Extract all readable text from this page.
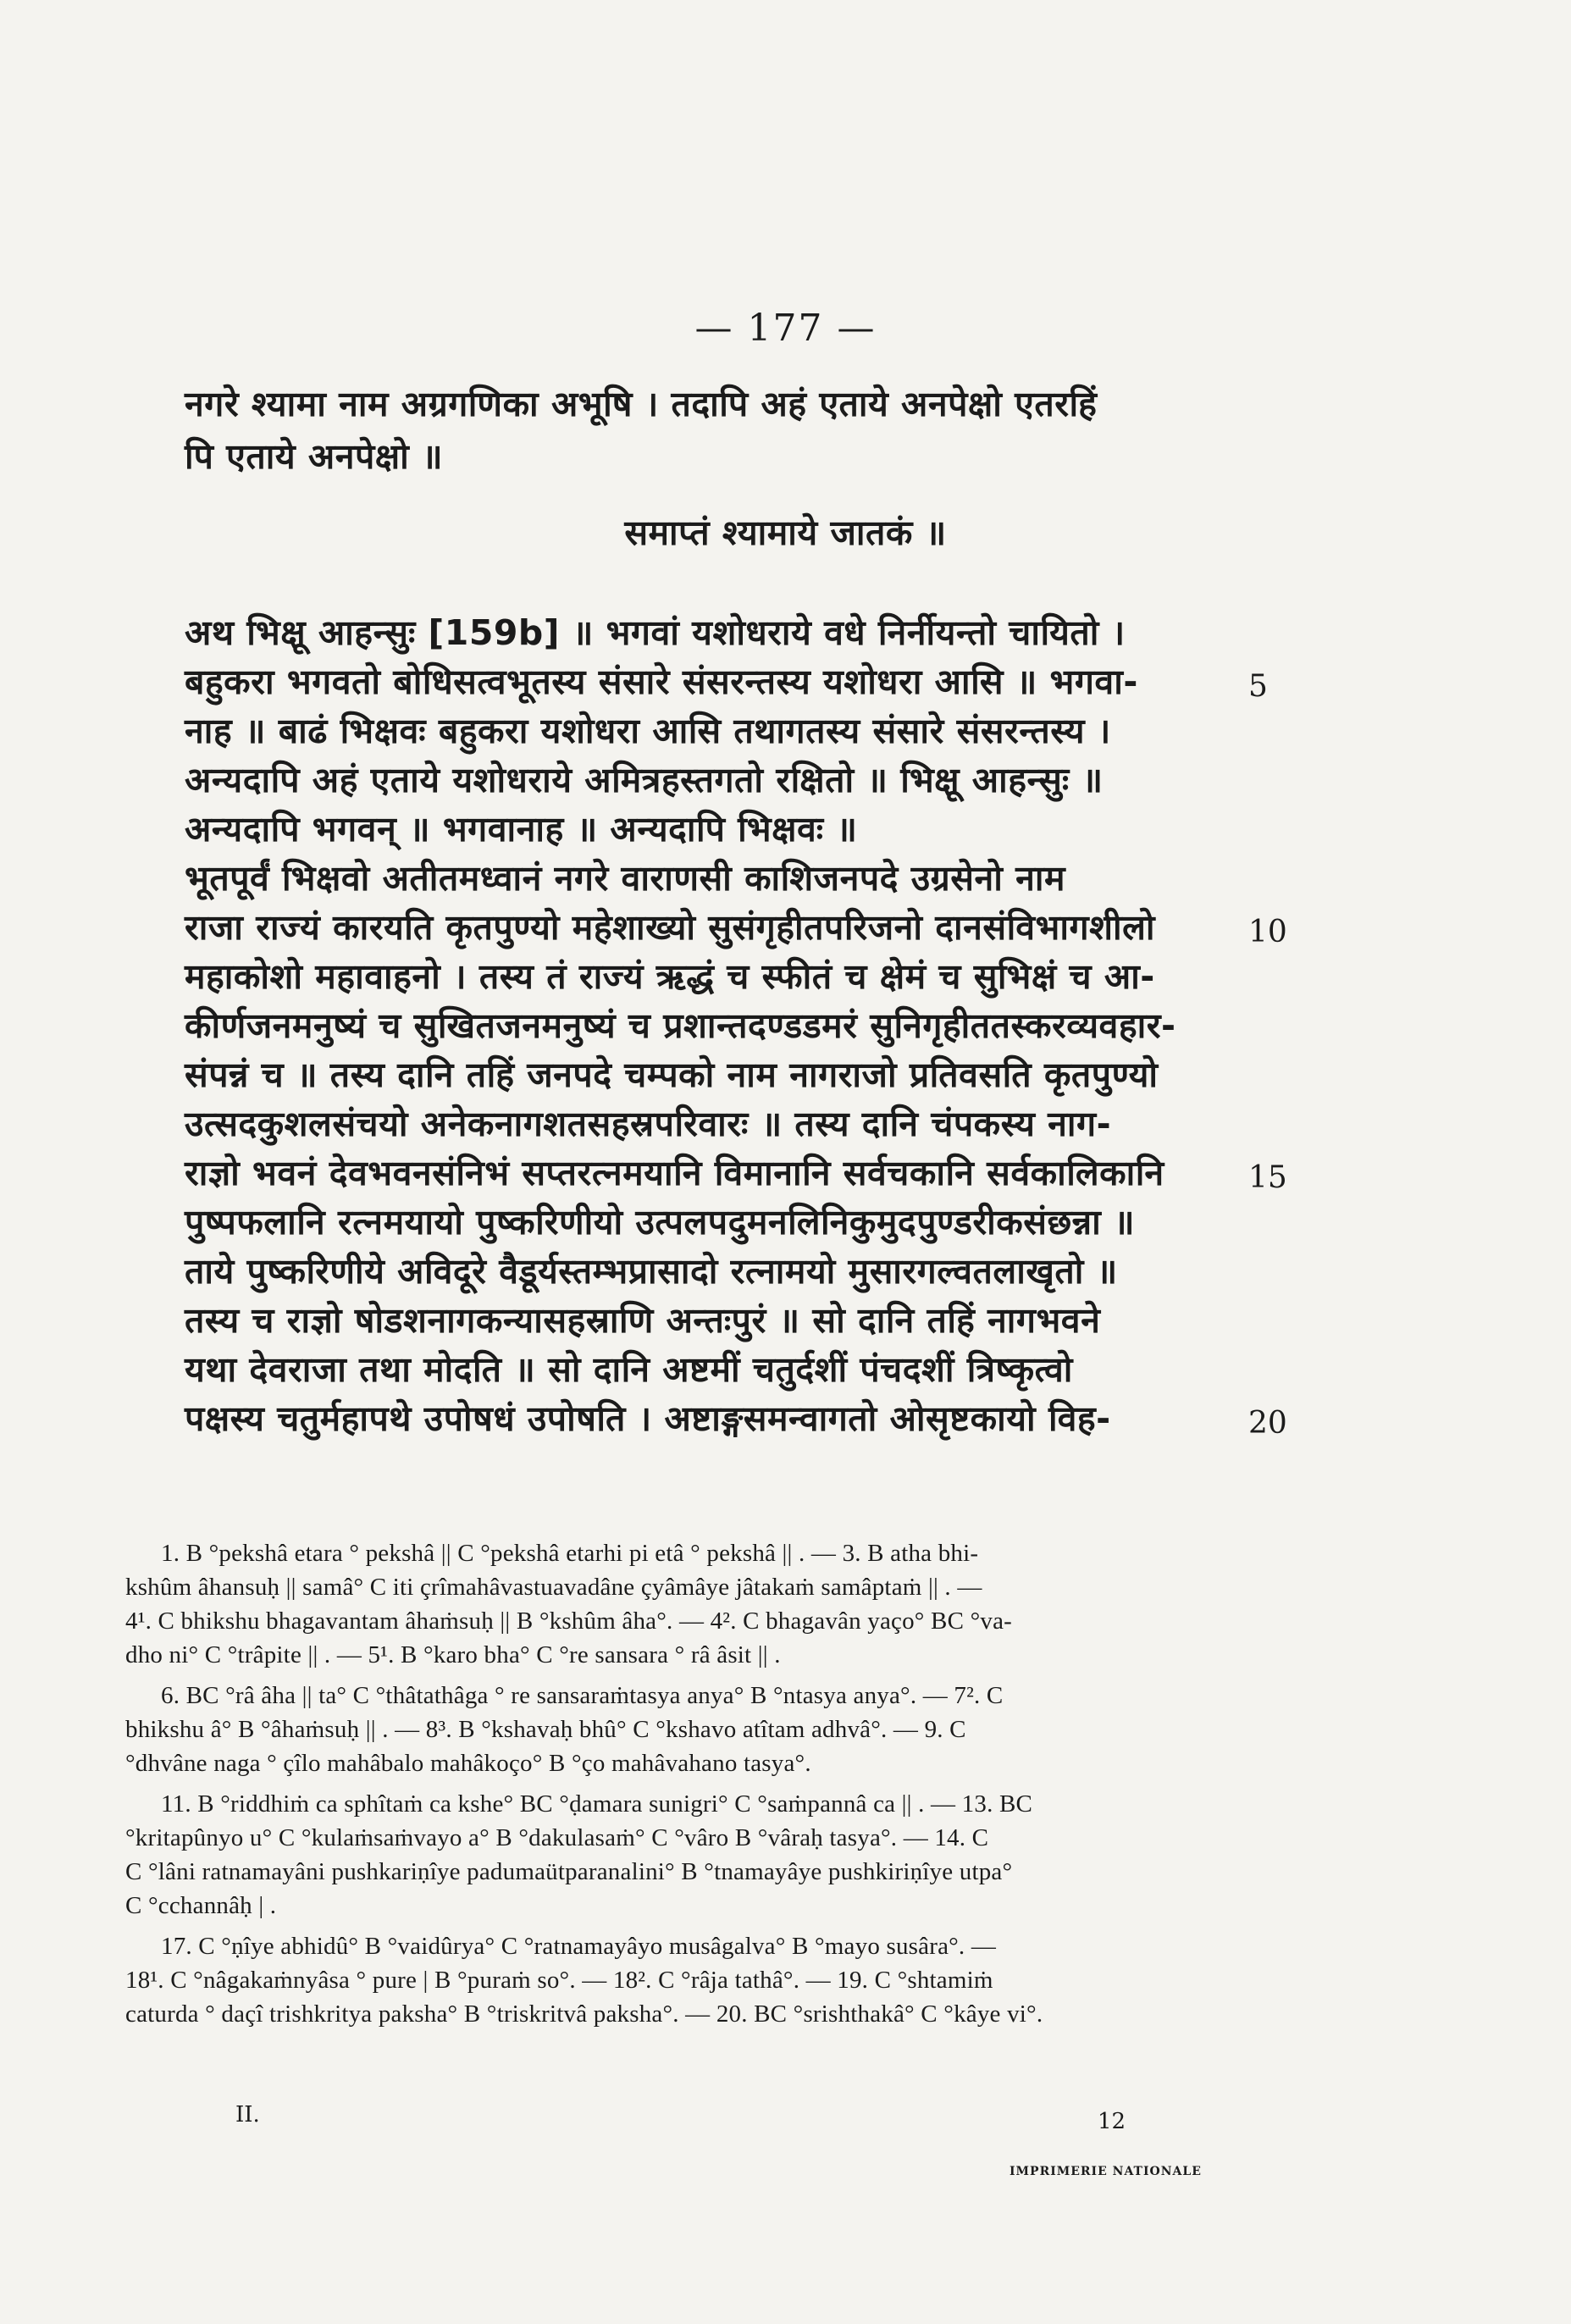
— 177 —
नगरे श्यामा नाम अग्रगणिका अभूषि । तदापि अहं एताये अनपेक्षो एतरहिं
पि एताये अनपेक्षो ॥
समाप्तं श्यामाये जातकं ॥
अथ भिक्षू आहन्सुः [159b] ॥ भगवां यशोधराये वधे निर्नीयन्तो चायितो ।
बहुकरा भगवतो बोधिसत्वभूतस्य संसारे संसरन्तस्य यशोधरा आसि ॥ भगवा-
नाह ॥ बाढं भिक्षवः बहुकरा यशोधरा आसि तथागतस्य संसारे संसरन्तस्य ।
अन्यदापि अहं एताये यशोधराये अमित्रहस्तगतो रक्षितो ॥ भिक्षू आहन्सुः ॥
अन्यदापि भगवन् ॥ भगवानाह ॥ अन्यदापि भिक्षवः ॥
भूतपूर्वं भिक्षवो अतीतमध्वानं नगरे वाराणसी काशिजनपदे उग्रसेनो नाम
राजा राज्यं कारयति कृतपुण्यो महेशाख्यो सुसंगृहीतपरिजनो दानसंविभागशीलो
महाकोशो महावाहनो । तस्य तं राज्यं ऋद्धं च स्फीतं च क्षेमं च सुभिक्षं च आ-
कीर्णजनमनुष्यं च सुखितजनमनुष्यं च प्रशान्तदण्डडमरं सुनिगृहीततस्करव्यवहार-
संपन्नं च ॥ तस्य दानि तहिं जनपदे चम्पको नाम नागराजो प्रतिवसति कृतपुण्यो
उत्सदकुशलसंचयो अनेकनागशतसहस्रपरिवारः ॥ तस्य दानि चंपकस्य नाग-
राज्ञो भवनं देवभवनसंनिभं सप्तरत्नमयानि विमानानि सर्वचकानि सर्वकालिकानि
पुष्पफलानि रत्नमयायो पुष्करिणीयो उत्पलपदुमनलिनिकुमुदपुण्डरीकसंछन्ना ॥
ताये पुष्करिणीये अविदूरे वैडूर्यस्तम्भप्रासादो रत्नामयो मुसारगल्वतलाखृतो ॥
तस्य च राज्ञो षोडशनागकन्यासहस्राणि अन्तःपुरं ॥ सो दानि तहिं नागभवने
यथा देवराजा तथा मोदति ॥ सो दानि अष्टमीं चतुर्दशीं पंचदशीं त्रिष्कृत्वो
पक्षस्य चतुर्महापथे उपोषधं उपोषति । अष्टाङ्गसमन्वागतो ओसृष्टकायो विह-
5
10
15
20
1. B °pekshâ etara ° pekshâ || C °pekshâ etarhi pi etâ ° pekshâ || . — 3. B atha bhi-
kshûm âhansuḥ || samâ° C iti çrîmahâvastuavadâne çyâmâye jâtakaṁ samâptaṁ || . —
4¹. C bhikshu bhagavantam âhaṁsuḥ || B °kshûm âha°. — 4². C bhagavân yaço° BC °va-
dho ni° C °trâpite || . — 5¹. B °karo bha° C °re sansara ° râ âsit || .
6. BC °râ âha || ta° C °thâtathâga ° re sansaraṁtasya anya° B °ntasya anya°. — 7². C
bhikshu â° B °âhaṁsuḥ || . — 8³. B °kshavaḥ bhû° C °kshavo atîtam adhvâ°. — 9. C
°dhvâne naga ° çîlo mahâbalo mahâkoço° B °ço mahâvahano tasya°.
11. B °riddhiṁ ca sphîtaṁ ca kshe° BC °ḍamara sunigri° C °saṁpannâ ca || . — 13. BC
°kritapûnyo u° C °kulaṁsaṁvayo a° B °dakulasaṁ° C °vâro B °vâraḥ tasya°. — 14. C
C °lâni ratnamayâni pushkariṇîye padumaütparanalini° B °tnamayâye pushkiriṇîye utpa°
C °cchannâḥ | .
17. C °ṇîye abhidû° B °vaidûrya° C °ratnamayâyo musâgalva° B °mayo susâra°. —
18¹. C °nâgakaṁnyâsa ° pure | B °puraṁ so°. — 18². C °râja tathâ°. — 19. C °shtamiṁ
caturda ° daçî trishkritya paksha° B °triskritvâ paksha°. — 20. BC °srishthakâ° C °kâye vi°.
II.	12
IMPRIMERIE NATIONALE
